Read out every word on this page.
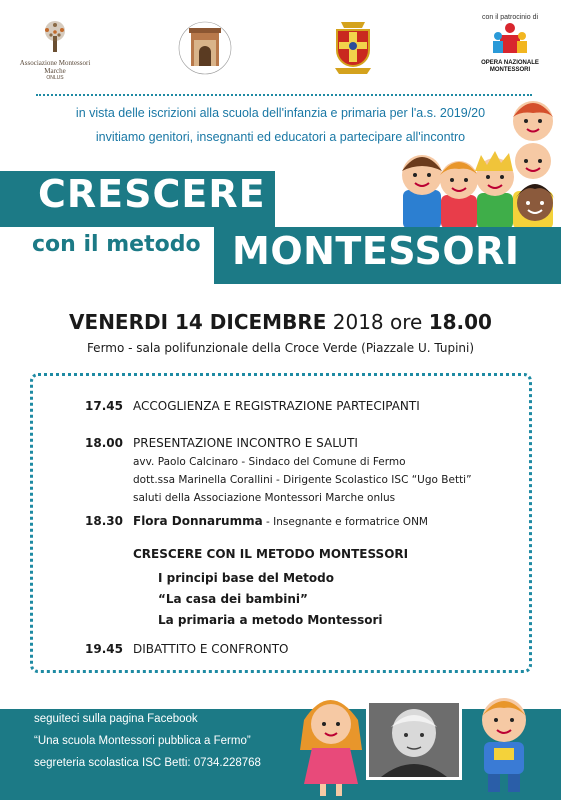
Associazione Montessori
Marche
ONLUS
con il patrocinio di
OPERA NAZIONALE
MONTESSORI
in vista delle iscrizioni alla scuola dell'infanzia e primaria per l'a.s. 2019/20
invitiamo genitori, insegnanti ed educatori a partecipare all'incontro
CRESCERE
con il metodo MONTESSORI
VENERDI 14 DICEMBRE 2018 ore 18.00
Fermo - sala polifunzionale della Croce Verde (Piazzale U. Tupini)
17.45 ACCOGLIENZA E REGISTRAZIONE PARTECIPANTI
18.00 PRESENTAZIONE INCONTRO E SALUTI
avv. Paolo Calcinaro - Sindaco del Comune di Fermo
dott.ssa Marinella Corallini - Dirigente Scolastico ISC “Ugo Betti”
saluti della Associazione Montessori Marche onlus
18.30 Flora Donnarumma - Insegnante e formatrice ONM
CRESCERE CON IL METODO MONTESSORI
I principi base del Metodo
“La casa dei bambini”
La primaria a metodo Montessori
19.45 DIBATTITO E CONFRONTO
seguiteci sulla pagina Facebook
“Una scuola Montessori pubblica a Fermo”
segreteria scolastica ISC Betti: 0734.228768
